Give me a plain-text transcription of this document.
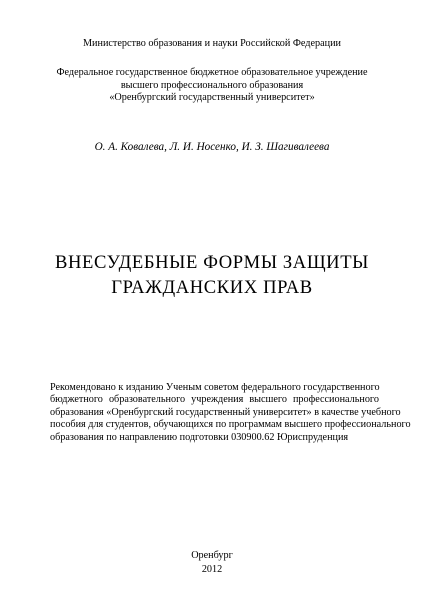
Министерство образования и науки Российской Федерации
Федеральное государственное бюджетное образовательное учреждение
высшего профессионального образования
«Оренбургский государственный университет»
О. А. Ковалева, Л. И. Носенко, И. З. Шагивалеева
ВНЕСУДЕБНЫЕ ФОРМЫ ЗАЩИТЫ
ГРАЖДАНСКИХ ПРАВ
Рекомендовано к изданию Ученым советом федерального государственного
бюджетного образовательного учреждения высшего профессионального
образования «Оренбургский государственный университет» в качестве учебного
пособия для студентов, обучающихся по программам высшего профессионального
образования по направлению подготовки 030900.62 Юриспруденция
Оренбург
2012
